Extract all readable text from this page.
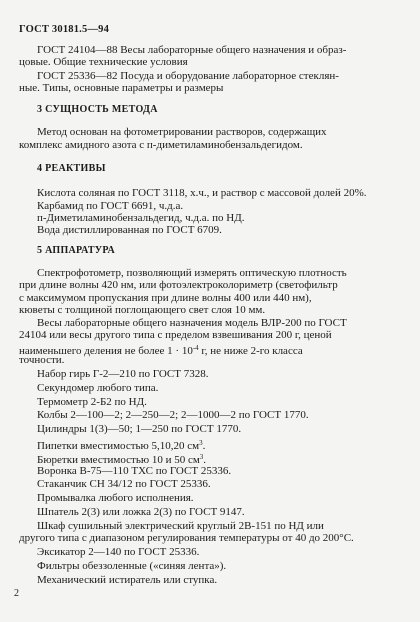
ГОСТ 30181.5—94
ГОСТ 24104—88 Весы лабораторные общего назначения и образ-
цовые. Общие технические условия
ГОСТ 25336—82 Посуда и оборудование лабораторное стеклян-
ные. Типы, основные параметры и размеры
3 СУЩНОСТЬ МЕТОДА
Метод основан на фотометрировании растворов, содержащих
комплекс амидного азота с п-диметиламинобензальдегидом.
4 РЕАКТИВЫ
Кислота соляная по ГОСТ 3118, х.ч., и раствор с массовой долей 20%.
Карбамид по ГОСТ 6691, ч.д.а.
п-Диметиламинобензальдегид, ч.д.а. по НД.
Вода дистиллированная по ГОСТ 6709.
5 АППАРАТУРА
Спектрофотометр, позволяющий измерять оптическую плотность
при длине волны 420 нм, или фотоэлектроколориметр (светофильтр
с максимумом пропускания при длине волны 400 или 440 нм),
кюветы с толщиной поглощающего свет слоя 10 мм.
Весы лабораторные общего назначения модель ВЛР-200 по ГОСТ
24104 или весы другого типа с пределом взвешивания 200 г, ценой
наименьшего деления не более $1 \cdot 10^{-4}$ г, не ниже 2-го класса
точности.
Набор гирь Г-2—210 по ГОСТ 7328.
Секундомер любого типа.
Термометр 2-Б2 по НД.
Колбы 2—100—2; 2—250—2; 2—1000—2 по ГОСТ 1770.
Цилиндры 1(3)—50; 1—250 по ГОСТ 1770.
Пипетки вместимостью 5,10,20 $см^3$.
Бюретки вместимостью 10 и 50 $см^3$.
Воронка В-75—110 ТХС по ГОСТ 25336.
Стаканчик СН 34/12 по ГОСТ 25336.
Промывалка любого исполнения.
Шпатель 2(3) или ложка 2(3) по ГОСТ 9147.
Шкаф сушильный электрический круглый 2В-151 по НД или
другого типа с диапазоном регулирования температуры от 40 до 200°С.
Эксикатор 2—140 по ГОСТ 25336.
Фильтры обеззоленные («синяя лента»).
Механический истиратель или ступка.
2
